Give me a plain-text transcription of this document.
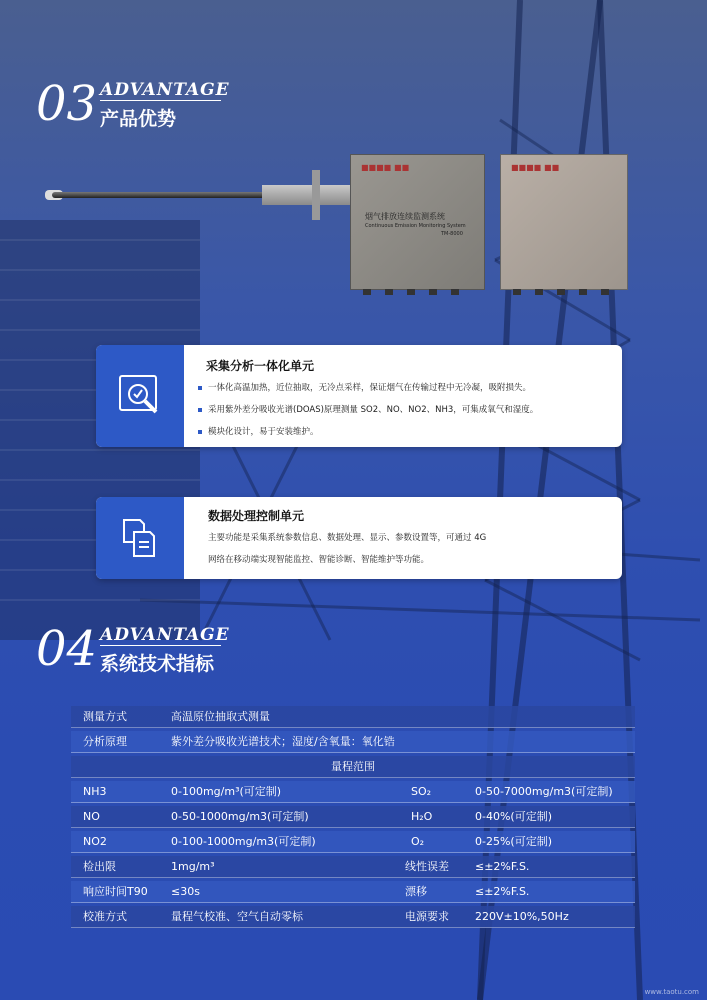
03 ADVANTAGE
产品优势
■■■■ ■■
烟气排放连续监测系统
Continuous Emission Monitoring System
TM-8000
■■■■ ■■
采集分析一体化单元
一体化高温加热，近位抽取，无冷点采样，保证烟气在传输过程中无冷凝，吸附损失。
采用紫外差分吸收光谱(DOAS)原理测量 SO2、NO、NO2、NH3，可集成氧气和湿度。
模块化设计，易于安装维护。
数据处理控制单元
主要功能是采集系统参数信息、数据处理、显示、参数设置等，可通过 4G
网络在移动端实现智能监控、智能诊断、智能维护等功能。
04 ADVANTAGE
系统技术指标
测量方式	高温原位抽取式测量
分析原理	紫外差分吸收光谱技术；湿度/含氧量：氧化锆
量程范围
NH3	0-100mg/m³(可定制)	SO₂	0-50-7000mg/m3(可定制)
NO	0-50-1000mg/m3(可定制)	H₂O	0-40%(可定制)
NO2	0-100-1000mg/m3(可定制)	O₂	0-25%(可定制)
检出限	1mg/m³	线性误差 ≤±2%F.S.
响应时间T90 ≤30s	漂移	≤±2%F.S.
校准方式	量程气校准、空气自动零标	电源要求 220V±10%,50Hz
www.taotu.com
